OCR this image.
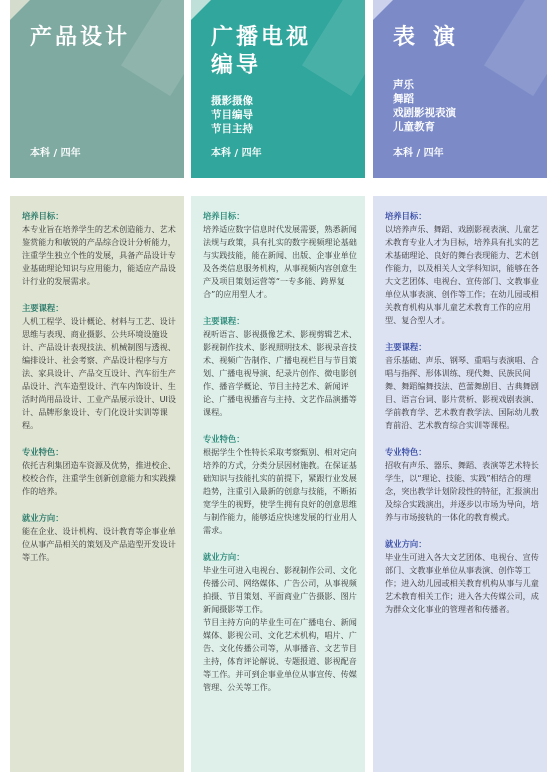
产品设计
本科 / 四年
培养目标：

本专业旨在培养学生的艺术创造能力、艺术鉴赏能力和敏锐的产品综合设计分析能力，注重学生独立个性的发展，具备产品设计专业基础理论知识与应用能力，能适应产品设计行业的发展需求。

主要课程：

人机工程学、设计概论、材料与工艺、设计思维与表现、商业摄影、公共环境设施设计、产品设计表现技法、机械制图与透视、编排设计、社会考察、产品设计程序与方法、家具设计、产品交互设计、汽车衍生产品设计、汽车造型设计、汽车内饰设计、生活时尚用品设计、工业产品展示设计、UI设计、品牌形象设计、专门化设计实训等课程。

专业特色：

依托吉利集团造车资源及优势，推进校企、校校合作，注重学生创新创意能力和实践操作的培养。

就业方向：

能在企业、设计机构、设计教育等企事业单位从事产品相关的策划及产品造型开发设计等工作。

广播电视
编导
摄影摄像
节目编导
节目主持
本科 / 四年
培养目标：

培养适应数字信息时代发展需要，熟悉新闻法规与政策，具有扎实的数字视频理论基础与实践技能，能在新闻、出版、企事业单位及各类信息服务机构，从事视频内容创意生产及项目策划运营等“一专多能、跨界复合”的应用型人才。

主要课程：

视听语言、影视摄像艺术、影视剪辑艺术、影视制作技术、影视照明技术、影视录音技术、视频广告制作、广播电视栏目与节目策划、广播电视导演、纪录片创作、微电影创作、播音学概论、节目主持艺术、新闻评论、广播电视播音与主持、文艺作品演播等课程。

专业特色：

根据学生个性特长采取考察甄别、相对定向培养的方式，分类分层因材施教。在保证基础知识与技能扎实的前提下，紧跟行业发展趋势，注重引入最新的创意与技能，不断拓宽学生的视野，使学生拥有良好的创意思维与制作能力，能够适应快速发展的行业用人需求。

就业方向：

毕业生可进入电视台、影视制作公司、文化传播公司、网络媒体、广告公司，从事视频拍摄、节目策划、平面商业广告摄影、图片新闻摄影等工作。
节目主持方向的毕业生可在广播电台、新闻媒体、影视公司、文化艺术机构，唱片、广告、文化传播公司等，从事播音、文艺节目主持，体育评论解说、专题报道、影视配音等工作。并可到企事业单位从事宣传、传媒管理、公关等工作。

表演
声乐
舞蹈
戏剧影视表演
儿童教育
本科 / 四年
培养目标：

以培养声乐、舞蹈、戏剧影视表演、儿童艺术教育专业人才为目标，培养具有扎实的艺术基础理论、良好的舞台表现能力、艺术创作能力，以及相关人文学科知识，能够在各大文艺团体、电视台、宣传部门、文教事业单位从事表演、创作等工作；在幼儿园或相关教育机构从事儿童艺术教育工作的应用型、复合型人才。

主要课程：

音乐基础、声乐、钢琴、重唱与表演唱、合唱与指挥、形体训练、现代舞、民族民间舞、舞蹈编舞技法、芭蕾舞剧目、古典舞剧目、语言台词、影片赏析、影视戏剧表演、学前教育学、艺术教育教学法、国际幼儿教育前沿、艺术教育综合实训等课程。

专业特色：

招收有声乐、器乐、舞蹈、表演等艺术特长学生，以“理论、技能、实践”相结合的理念，突出教学计划阶段性的特征，汇报演出及综合实践演出，并逐步以市场为导向，培养与市场接轨的一体化的教育模式。

就业方向：

毕业生可进入各大文艺团体、电视台、宣传部门、文教事业单位从事表演、创作等工作；进入幼儿园或相关教育机构从事与儿童艺术教育相关工作；进入各大传媒公司，成为群众文化事业的管理者和传播者。
